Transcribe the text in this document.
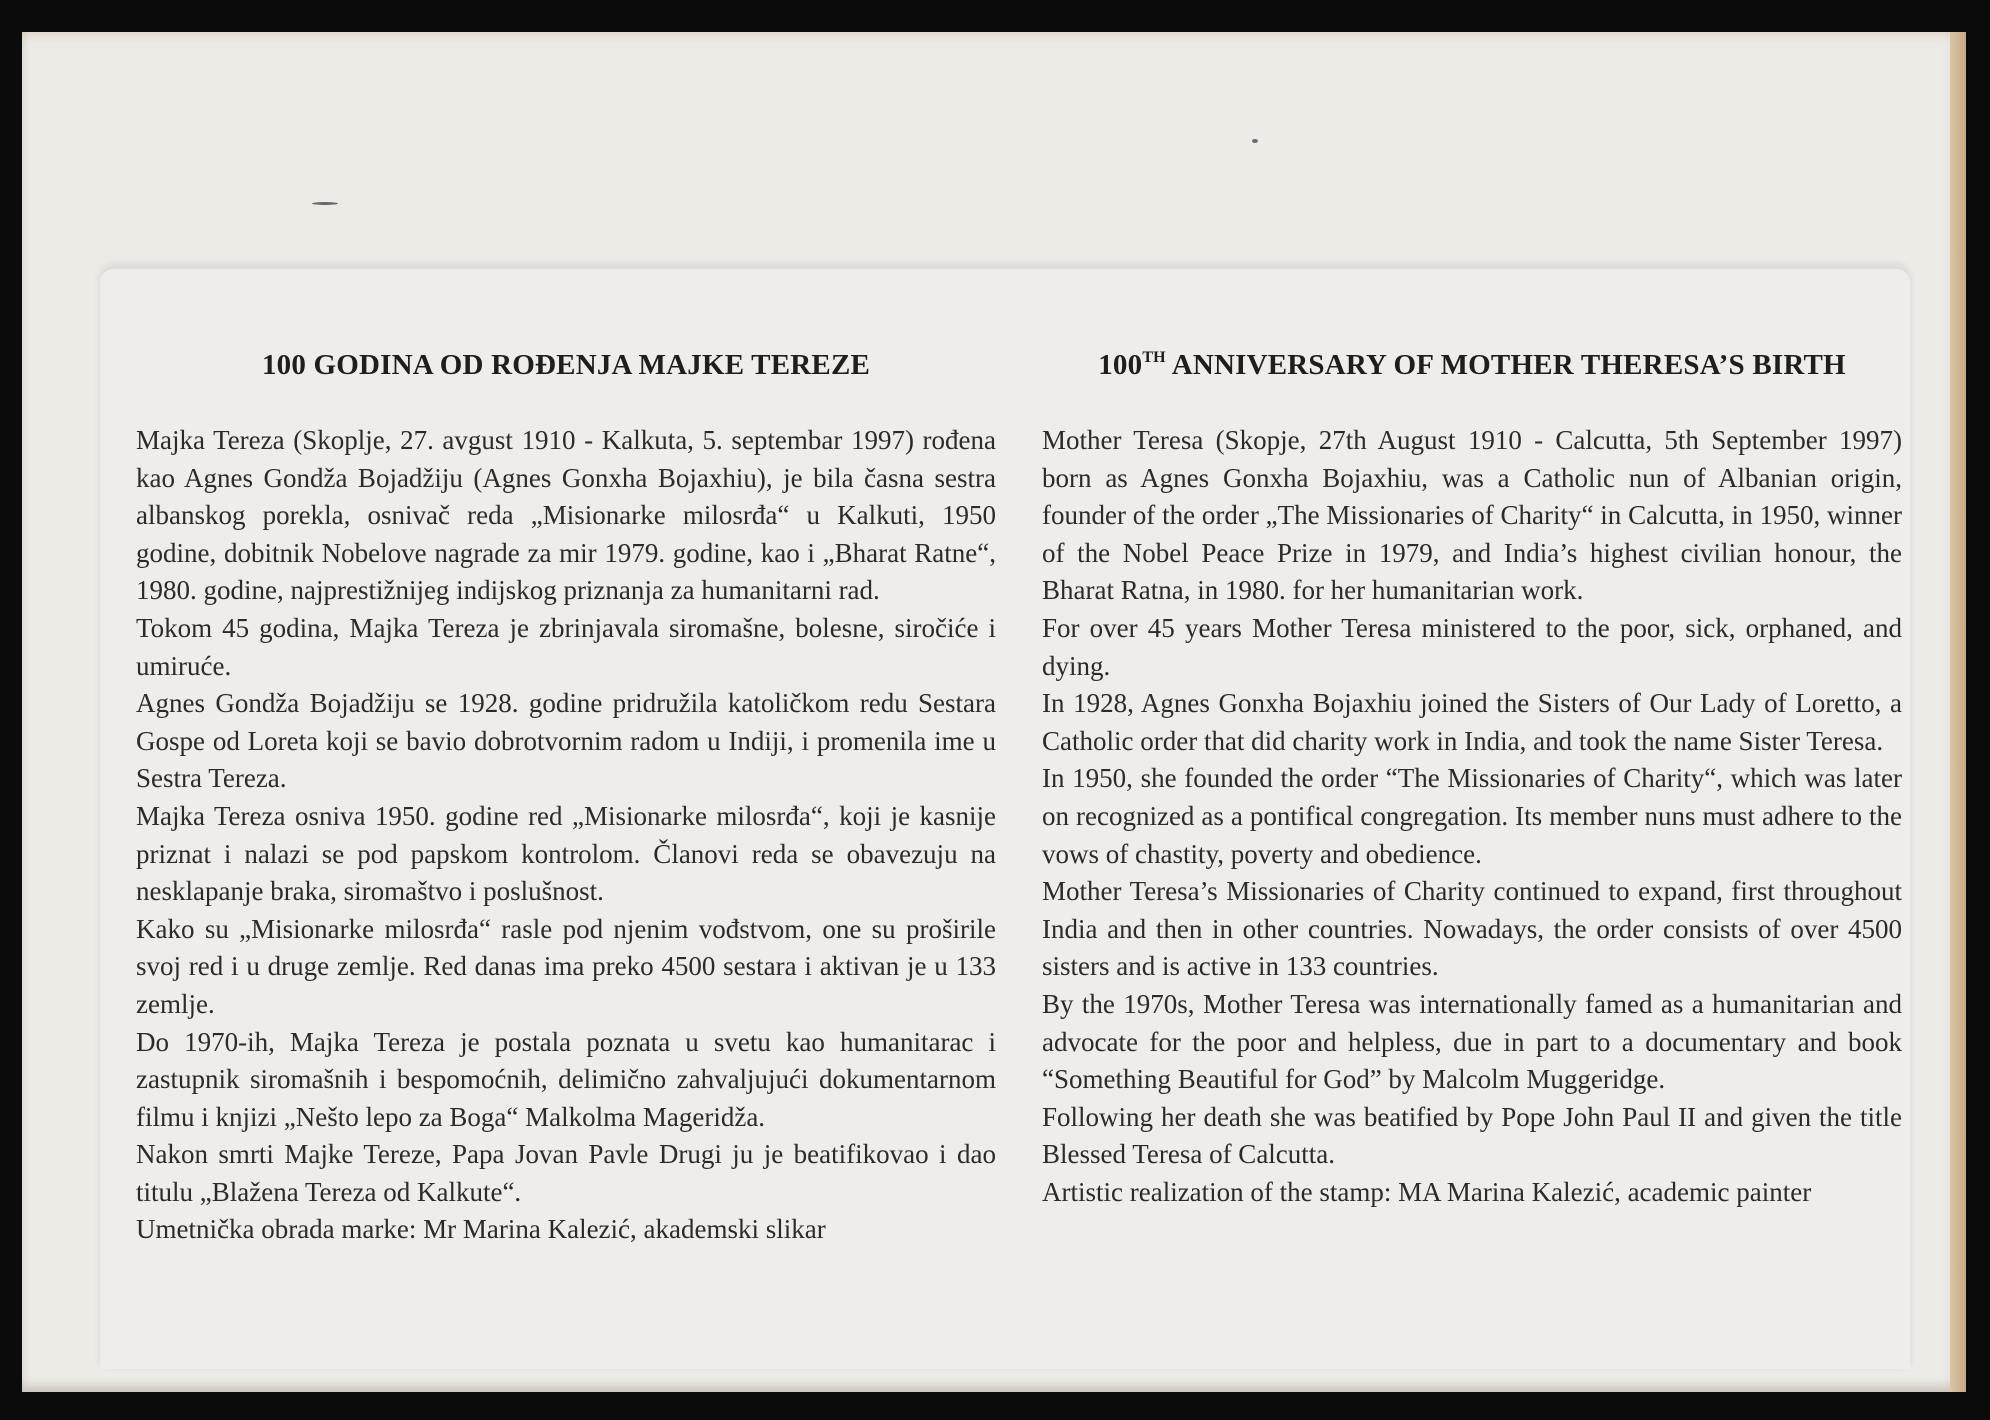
100 GODINA OD ROĐENJA MAJKE TEREZE

Majka Tereza (Skoplje, 27. avgust 1910 - Kalkuta, 5. septembar 1997) rođena kao Agnes Gondža Bojadžiju (Agnes Gonxha Bojaxhiu), je bila časna sestra albanskog porekla, osnivač reda „Misionarke milosrđa“ u Kalkuti, 1950 godine, dobitnik Nobelove nagrade za mir 1979. godine, kao i „Bharat Ratne“, 1980. godine, najprestižnijeg indijskog priznanja za humanitarni rad.

Tokom 45 godina, Majka Tereza je zbrinjavala siromašne, bolesne, siročiće i umiruće.

Agnes Gondža Bojadžiju se 1928. godine pridružila katoličkom redu Sestara Gospe od Loreta koji se bavio dobrotvornim radom u Indiji, i promenila ime u Sestra Tereza.

Majka Tereza osniva 1950. godine red „Misionarke milosrđa“, koji je kasnije priznat i nalazi se pod papskom kontrolom. Članovi reda se obavezuju na nesklapanje braka, siromaštvo i poslušnost.

Kako su „Misionarke milosrđa“ rasle pod njenim vođstvom, one su proširile svoj red i u druge zemlje. Red danas ima preko 4500 sestara i aktivan je u 133 zemlje.

Do 1970-ih, Majka Tereza je postala poznata u svetu kao humanitarac i zastupnik siromašnih i bespomoćnih, delimično zahvaljujući dokumentarnom filmu i knjizi „Nešto lepo za Boga“ Malkolma Mageridža.

Nakon smrti Majke Tereze, Papa Jovan Pavle Drugi ju je beatifikovao i dao titulu „Blažena Tereza od Kalkute“.

Umetnička obrada marke: Mr Marina Kalezić, akademski slikar

100TH ANNIVERSARY OF MOTHER THERESA’S BIRTH

Mother Teresa (Skopje, 27th August 1910 - Calcutta, 5th September 1997) born as Agnes Gonxha Bojaxhiu, was a Catholic nun of Albanian origin, founder of the order „The Missionaries of Charity“ in Calcutta, in 1950, winner of the Nobel Peace Prize in 1979, and India’s highest civilian honour, the Bharat Ratna, in 1980. for her humanitarian work.

For over 45 years Mother Teresa ministered to the poor, sick, orphaned, and dying.

In 1928, Agnes Gonxha Bojaxhiu joined the Sisters of Our Lady of Loretto, a Catholic order that did charity work in India, and took the name Sister Teresa.

In 1950, she founded the order “The Missionaries of Charity“, which was later on recognized as a pontifical congregation. Its member nuns must adhere to the vows of chastity, poverty and obedience.

Mother Teresa’s Missionaries of Charity continued to expand, first throughout India and then in other countries. Nowadays, the order consists of over 4500 sisters and is active in 133 countries.

By the 1970s, Mother Teresa was internationally famed as a humanitarian and advocate for the poor and helpless, due in part to a documentary and book “Something Beautiful for God” by Malcolm Muggeridge.

Following her death she was beatified by Pope John Paul II and given the title Blessed Teresa of Calcutta.

Artistic realization of the stamp: MA Marina Kalezić, academic painter
